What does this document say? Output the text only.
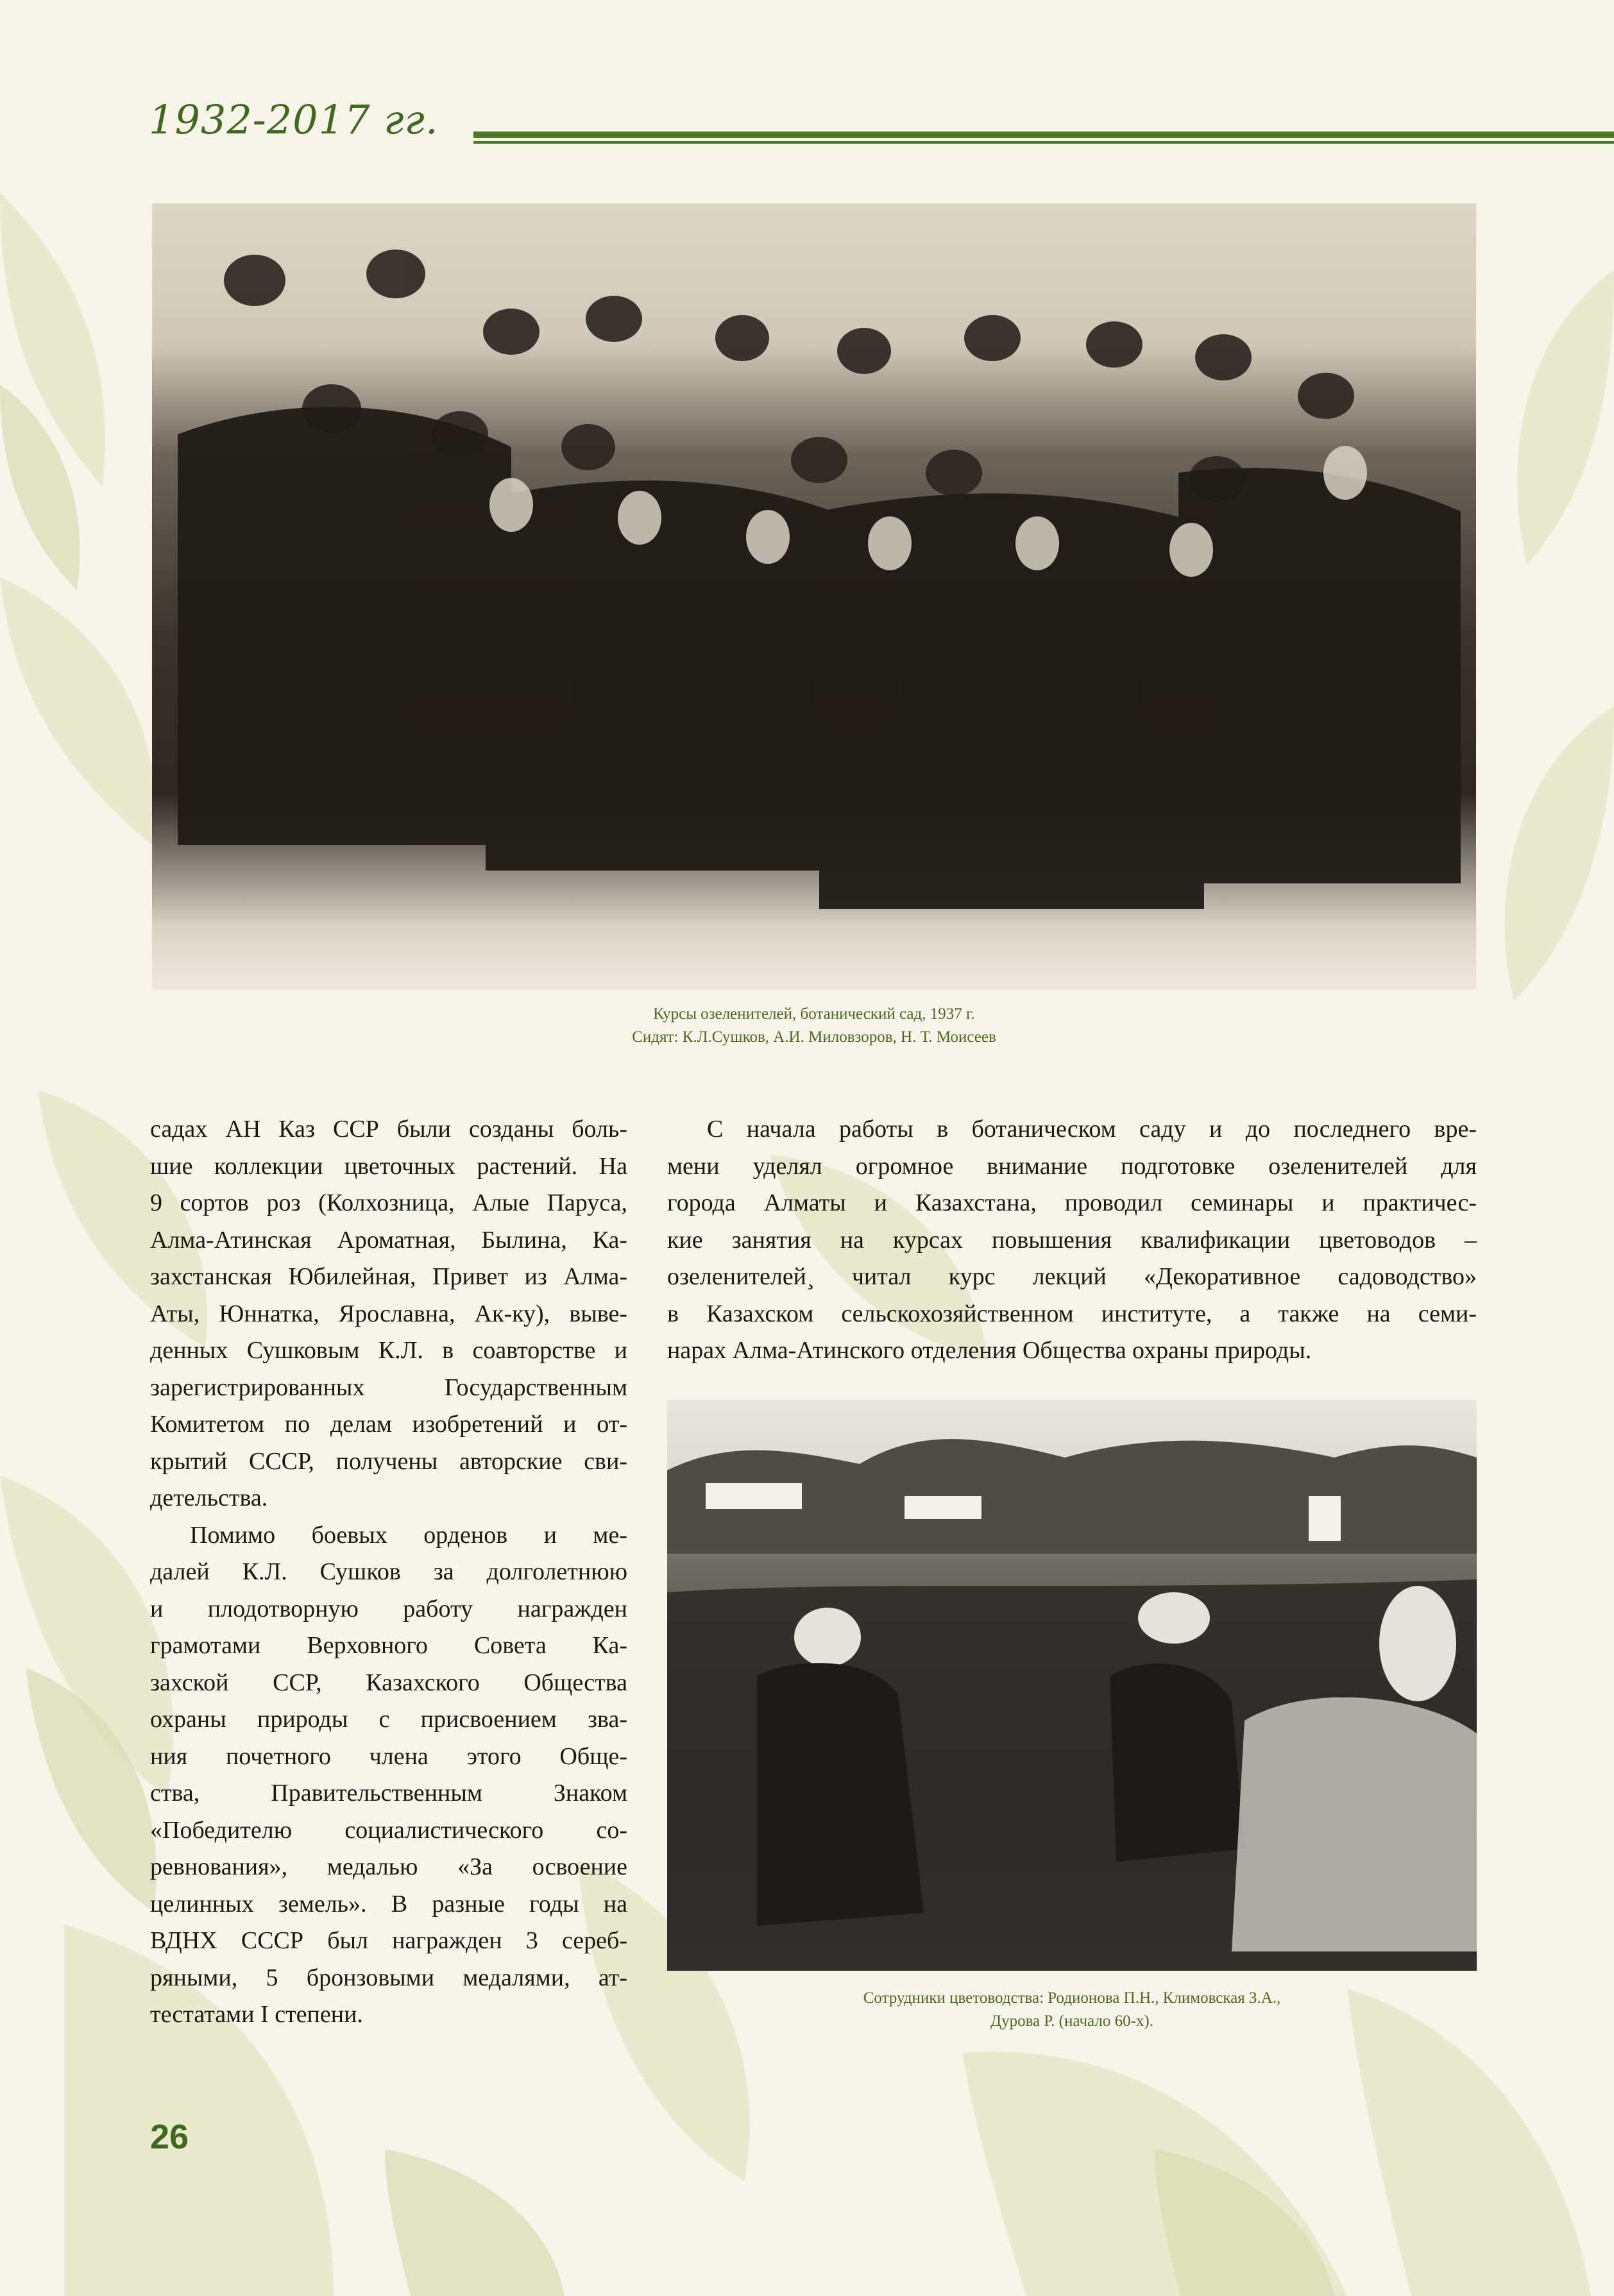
1932-2017 гг.
Курсы озеленителей, ботанический сад, 1937 г.
Сидят: К.Л.Сушков, А.И. Миловзоров, Н. Т. Моисеев

садах АН Каз ССР были созданы боль-
шие коллекции цветочных растений. На
9 сортов роз (Колхозница, Алые Паруса,
Алма-Атинская Ароматная, Былина, Ка-
захстанская Юбилейная, Привет из Алма-
Аты, Юннатка, Ярославна, Ак-ку), выве-
денных Сушковым К.Л. в соавторстве и
зарегистрированных Государственным
Комитетом по делам изобретений и от-
крытий СССР, получены авторские сви-
детельства.

Помимо боевых орденов и ме-
далей К.Л. Сушков за долголетнюю
и плодотворную работу награжден
грамотами Верховного Совета Ка-
захской ССР, Казахского Общества
охраны природы с присвоением зва-
ния почетного члена этого Обще-
ства, Правительственным Знаком
«Победителю социалистического со-
ревнования», медалью «За освоение
целинных земель». В разные годы на
ВДНХ СССР был награжден 3 сереб-
ряными, 5 бронзовыми медалями, ат-
тестатами I степени.

С начала работы в ботаническом саду и до последнего вре-
мени уделял огромное внимание подготовке озеленителей для
города Алматы и Казахстана, проводил семинары и практичес-
кие занятия на курсах повышения квалификации цветоводов –
озеленителей¸ читал курс лекций «Декоративное садоводство»
в Казахском сельскохозяйственном институте, а также на семи-
нарах Алма-Атинского отделения Общества охраны природы.

Сотрудники цветоводства: Родионова П.Н., Климовская З.А.,
Дурова Р. (начало 60-х).
26
